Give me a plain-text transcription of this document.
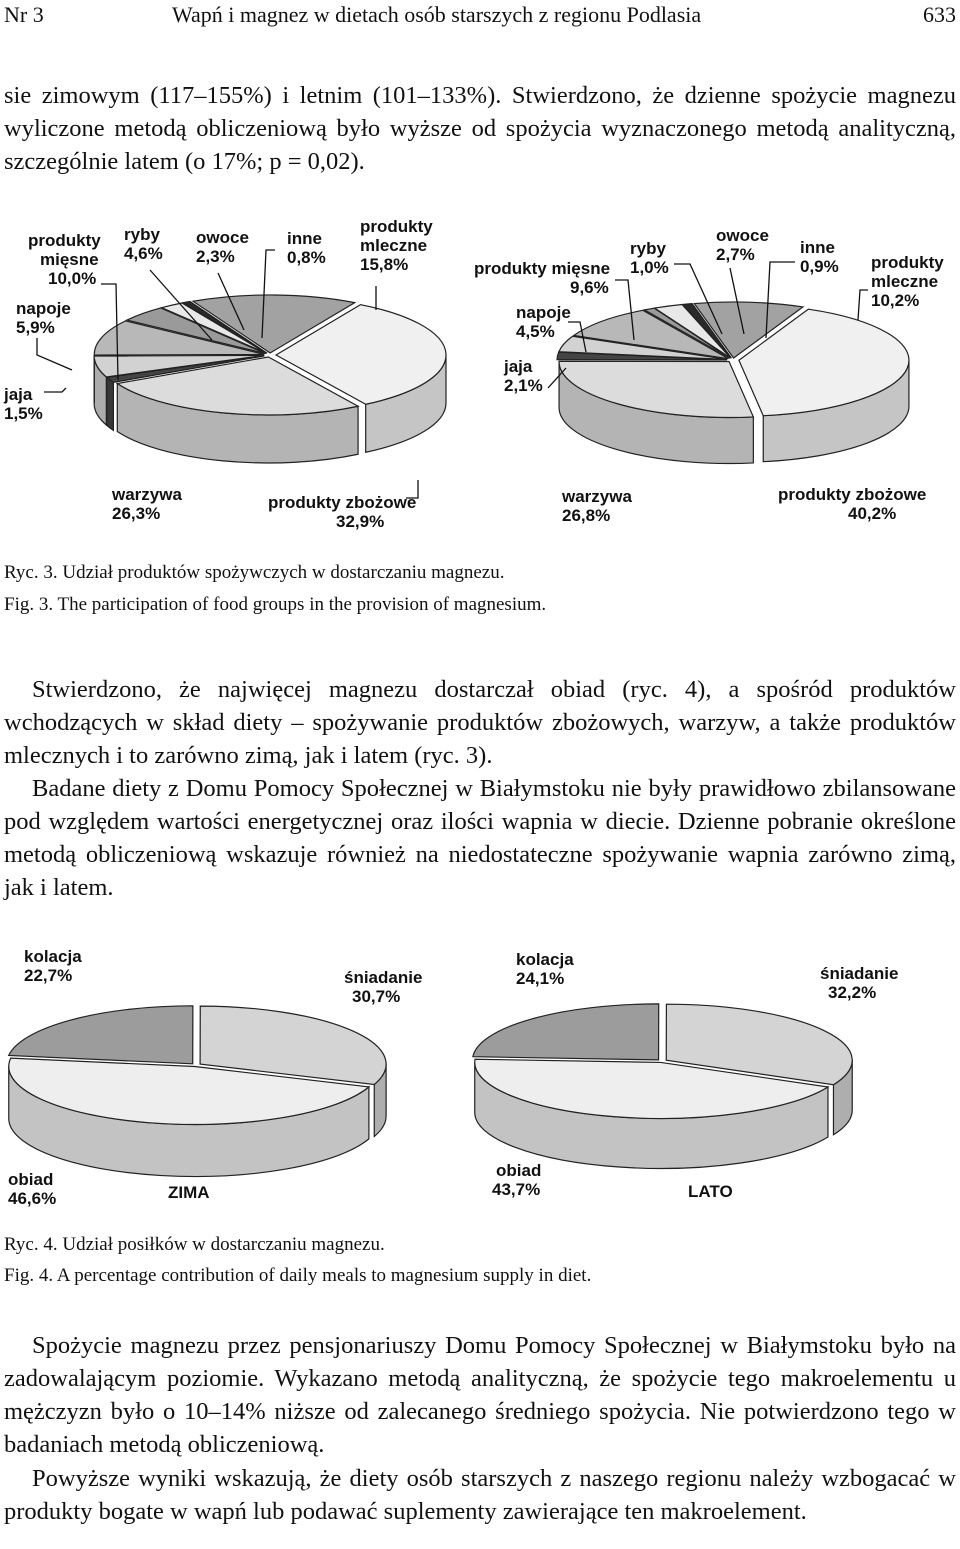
Nr 3	Wapń i magnez w dietach osób starszych z regionu Podlasia	633

sie zimowym (117–155%) i letnim (101–133%). Stwierdzono, że dzienne spożycie magnezu wyliczone metodą obliczeniową było wyższe od spożycia wyznaczonego metodą analityczną, szczególnie latem (o 17%; p = 0,02).

produkty mięsne 10,0%
ryby 4,6%
owoce 2,3%
inne 0,8%
produkty mleczne 15,8%
napoje 5,9%
jaja 1,5%
warzywa 26,3%
produkty zbożowe 32,9%
produkty mięsne 9,6%
ryby 1,0%
owoce 2,7%	inne 0,9% produkty mleczne 10,2%
napoje 4,5%
jaja 2,1%
warzywa 26,8%
produkty zbożowe 40,2%

Ryc. 3. Udział produktów spożywczych w dostarczaniu magnezu.

Fig. 3. The participation of food groups in the provision of magnesium.

Stwierdzono, że najwięcej magnezu dostarczał obiad (ryc. 4), a spośród produktów wchodzących w skład diety – spożywanie produktów zbożowych, warzyw, a także produktów mlecznych i to zarówno zimą, jak i latem (ryc. 3).

Badane diety z Domu Pomocy Społecznej w Białymstoku nie były prawidłowo zbilansowane pod względem wartości energetycznej oraz ilości wapnia w diecie. Dzienne pobranie określone metodą obliczeniową wskazuje również na niedostateczne spożywanie wapnia zarówno zimą, jak i latem.

kolacja 22,7%	śniadanie 30,7%
obiad 46,6%	ZIMA
kolacja 24,1%	śniadanie 32,2%
obiad 43,7%	LATO

Ryc. 4. Udział posiłków w dostarczaniu magnezu.

Fig. 4. A percentage contribution of daily meals to magnesium supply in diet.

Spożycie magnezu przez pensjonariuszy Domu Pomocy Społecznej w Białymstoku było na zadowalającym poziomie. Wykazano metodą analityczną, że spożycie tego makroelementu u mężczyzn było o 10–14% niższe od zalecanego średniego spożycia. Nie potwierdzono tego w badaniach metodą obliczeniową.

Powyższe wyniki wskazują, że diety osób starszych z naszego regionu należy wzbogacać w produkty bogate w wapń lub podawać suplementy zawierające ten makroelement.
